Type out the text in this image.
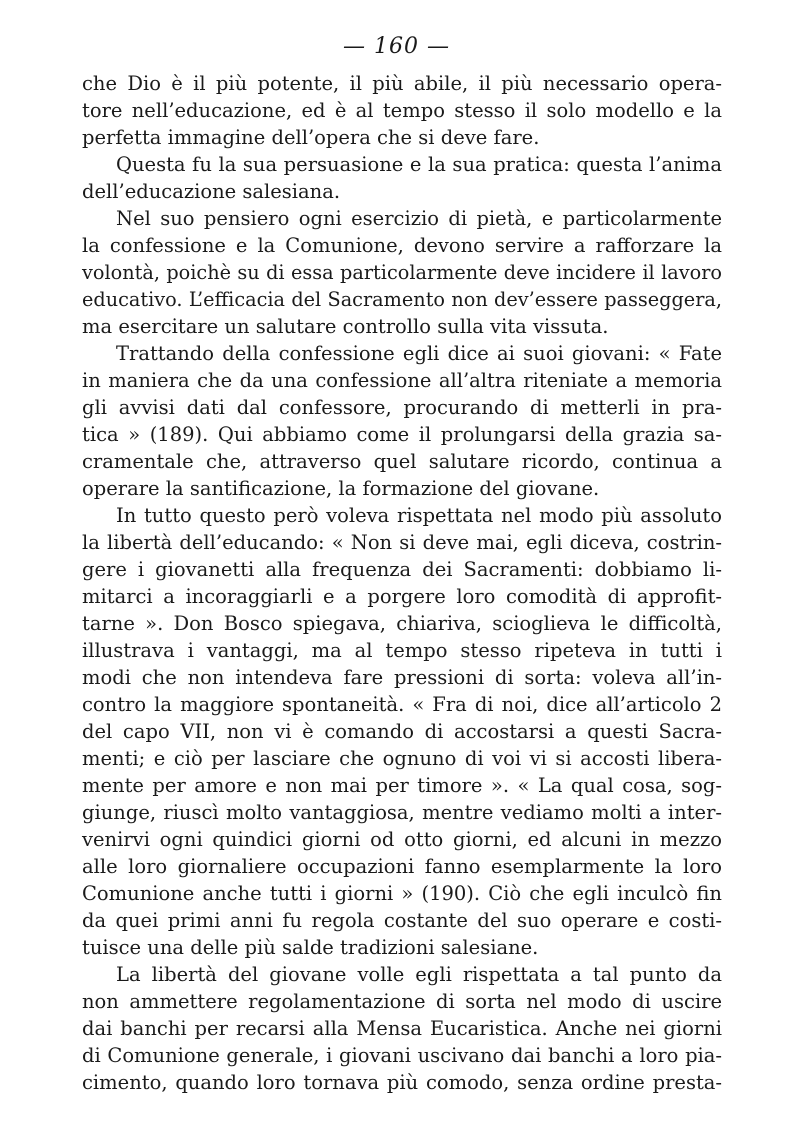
— 160 —
che Dio è il più potente, il più abile, il più necessario opera-
tore nell’educazione, ed è al tempo stesso il solo modello e la
perfetta immagine dell’opera che si deve fare.
Questa fu la sua persuasione e la sua pratica: questa l’anima
dell’educazione salesiana.
Nel suo pensiero ogni esercizio di pietà, e particolarmente
la confessione e la Comunione, devono servire a rafforzare la
volontà, poichè su di essa particolarmente deve incidere il lavoro
educativo. L’efficacia del Sacramento non dev’essere passeggera,
ma esercitare un salutare controllo sulla vita vissuta.
Trattando della confessione egli dice ai suoi giovani: « Fate
in maniera che da una confessione all’altra riteniate a memoria
gli avvisi dati dal confessore, procurando di metterli in pra-
tica » (189). Qui abbiamo come il prolungarsi della grazia sa-
cramentale che, attraverso quel salutare ricordo, continua a
operare la santificazione, la formazione del giovane.
In tutto questo però voleva rispettata nel modo più assoluto
la libertà dell’educando: « Non si deve mai, egli diceva, costrin-
gere i giovanetti alla frequenza dei Sacramenti: dobbiamo li-
mitarci a incoraggiarli e a porgere loro comodità di approfit-
tarne ». Don Bosco spiegava, chiariva, scioglieva le difficoltà,
illustrava i vantaggi, ma al tempo stesso ripeteva in tutti i
modi che non intendeva fare pressioni di sorta: voleva all’in-
contro la maggiore spontaneità. « Fra di noi, dice all’articolo 2
del capo VII, non vi è comando di accostarsi a questi Sacra-
menti; e ciò per lasciare che ognuno di voi vi si accosti libera-
mente per amore e non mai per timore ». « La qual cosa, sog-
giunge, riuscì molto vantaggiosa, mentre vediamo molti a inter-
venirvi ogni quindici giorni od otto giorni, ed alcuni in mezzo
alle loro giornaliere occupazioni fanno esemplarmente la loro
Comunione anche tutti i giorni » (190). Ciò che egli inculcò fin
da quei primi anni fu regola costante del suo operare e costi-
tuisce una delle più salde tradizioni salesiane.
La libertà del giovane volle egli rispettata a tal punto da
non ammettere regolamentazione di sorta nel modo di uscire
dai banchi per recarsi alla Mensa Eucaristica. Anche nei giorni
di Comunione generale, i giovani uscivano dai banchi a loro pia-
cimento, quando loro tornava più comodo, senza ordine presta-
